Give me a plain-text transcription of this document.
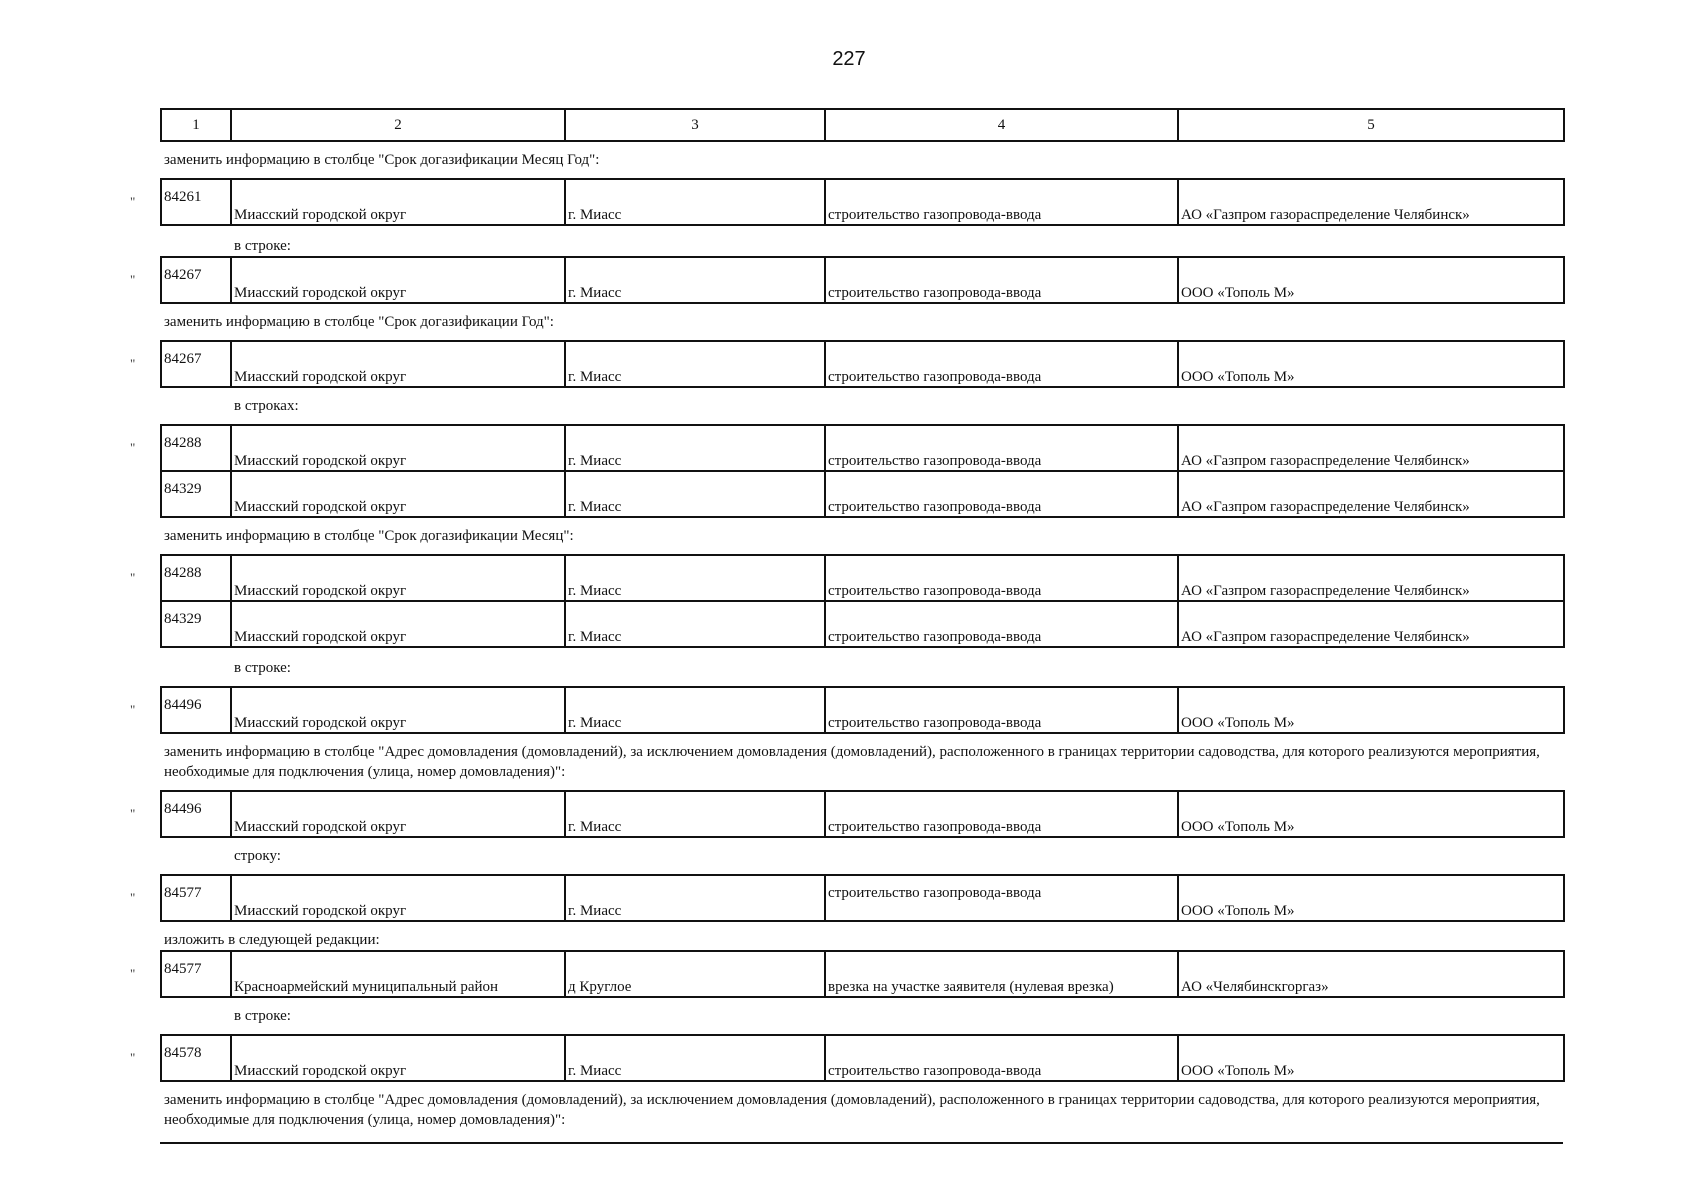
227
1	2	3	4	5
заменить информацию в столбце "Срок догазификации Месяц Год":
" 84261	Миасский городской округ	г. Миасс	строительство газопровода-ввода	АО «Газпром газораспределение Челябинск»
в строке:
" 84267	Миасский городской округ	г. Миасс	строительство газопровода-ввода	ООО «Тополь М»
заменить информацию в столбце "Срок догазификации Год":
" 84267	Миасский городской округ	г. Миасс	строительство газопровода-ввода	ООО «Тополь М»
в строках:
" 84288	Миасский городской округ	г. Миасс	строительство газопровода-ввода	АО «Газпром газораспределение Челябинск»
84329	Миасский городской округ	г. Миасс	строительство газопровода-ввода	АО «Газпром газораспределение Челябинск»
заменить информацию в столбце "Срок догазификации Месяц":
" 84288	Миасский городской округ	г. Миасс	строительство газопровода-ввода	АО «Газпром газораспределение Челябинск»
84329	Миасский городской округ	г. Миасс	строительство газопровода-ввода	АО «Газпром газораспределение Челябинск»
в строке:
" 84496	Миасский городской округ	г. Миасс	строительство газопровода-ввода	ООО «Тополь М»
заменить информацию в столбце "Адрес домовладения (домовладений), за исключением домовладения (домовладений), расположенного в границах территории садоводства, для которого реализуются мероприятия, необходимые для подключения (улица, номер домовладения)":
" 84496	Миасский городской округ	г. Миасс	строительство газопровода-ввода	ООО «Тополь М»
строку:
" 84577	Миасский городской округ	г. Миасс	строительство газопровода-ввода	ООО «Тополь М»
изложить в следующей редакции:
" 84577	Красноармейский муниципальный район	д Круглое	врезка на участке заявителя (нулевая врезка)	АО «Челябинскгоргаз»
в строке:
" 84578	Миасский городской округ	г. Миасс	строительство газопровода-ввода	ООО «Тополь М»
заменить информацию в столбце "Адрес домовладения (домовладений), за исключением домовладения (домовладений), расположенного в границах территории садоводства, для которого реализуются мероприятия, необходимые для подключения (улица, номер домовладения)":
